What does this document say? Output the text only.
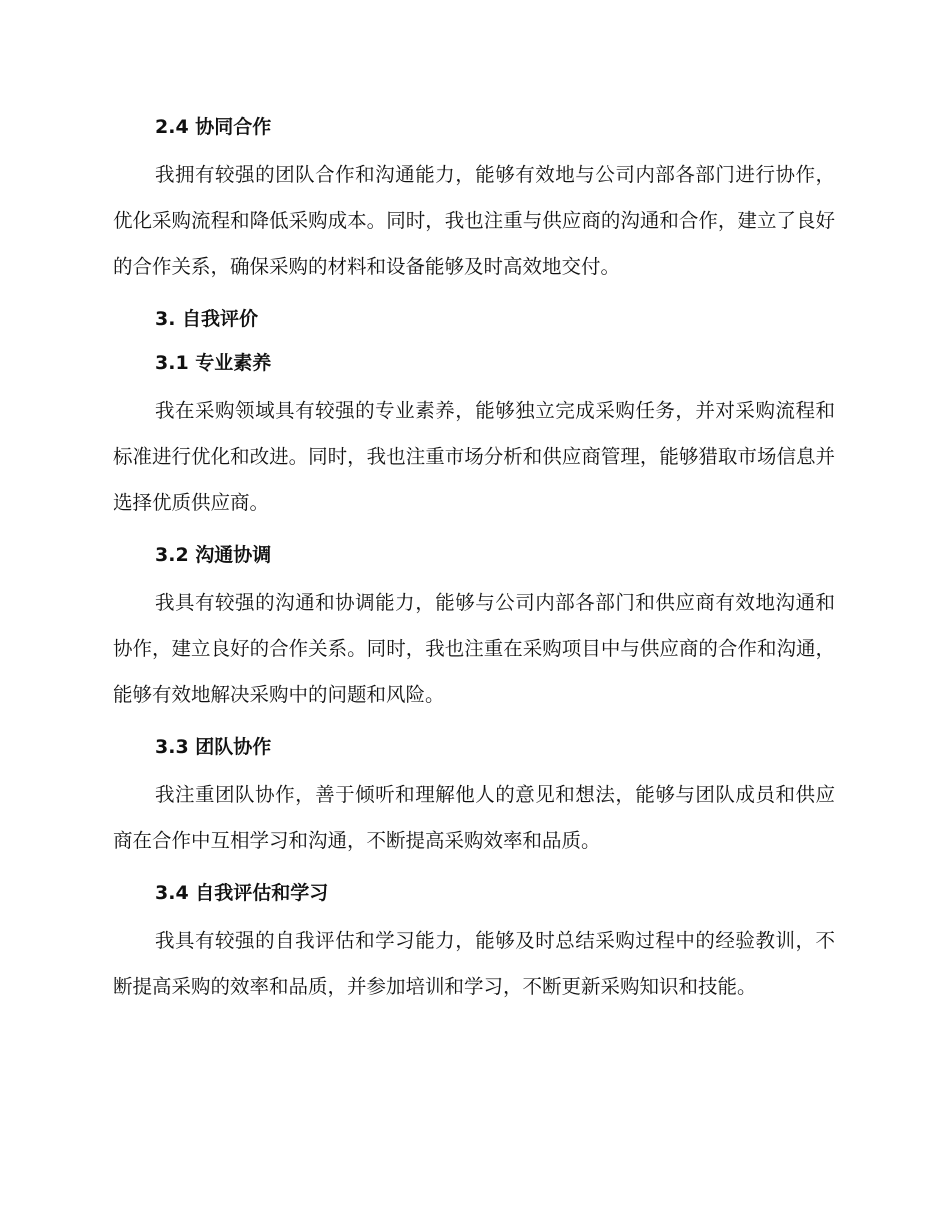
2.4 协同合作

我拥有较强的团队合作和沟通能力，能够有效地与公司内部各部门进行协作，优化采购流程和降低采购成本。同时，我也注重与供应商的沟通和合作，建立了良好的合作关系，确保采购的材料和设备能够及时高效地交付。

3. 自我评价
3.1 专业素养

我在采购领域具有较强的专业素养，能够独立完成采购任务，并对采购流程和标准进行优化和改进。同时，我也注重市场分析和供应商管理，能够猎取市场信息并选择优质供应商。

3.2 沟通协调

我具有较强的沟通和协调能力，能够与公司内部各部门和供应商有效地沟通和协作，建立良好的合作关系。同时，我也注重在采购项目中与供应商的合作和沟通，能够有效地解决采购中的问题和风险。

3.3 团队协作

我注重团队协作，善于倾听和理解他人的意见和想法，能够与团队成员和供应商在合作中互相学习和沟通，不断提高采购效率和品质。

3.4 自我评估和学习

我具有较强的自我评估和学习能力，能够及时总结采购过程中的经验教训，不断提高采购的效率和品质，并参加培训和学习，不断更新采购知识和技能。
